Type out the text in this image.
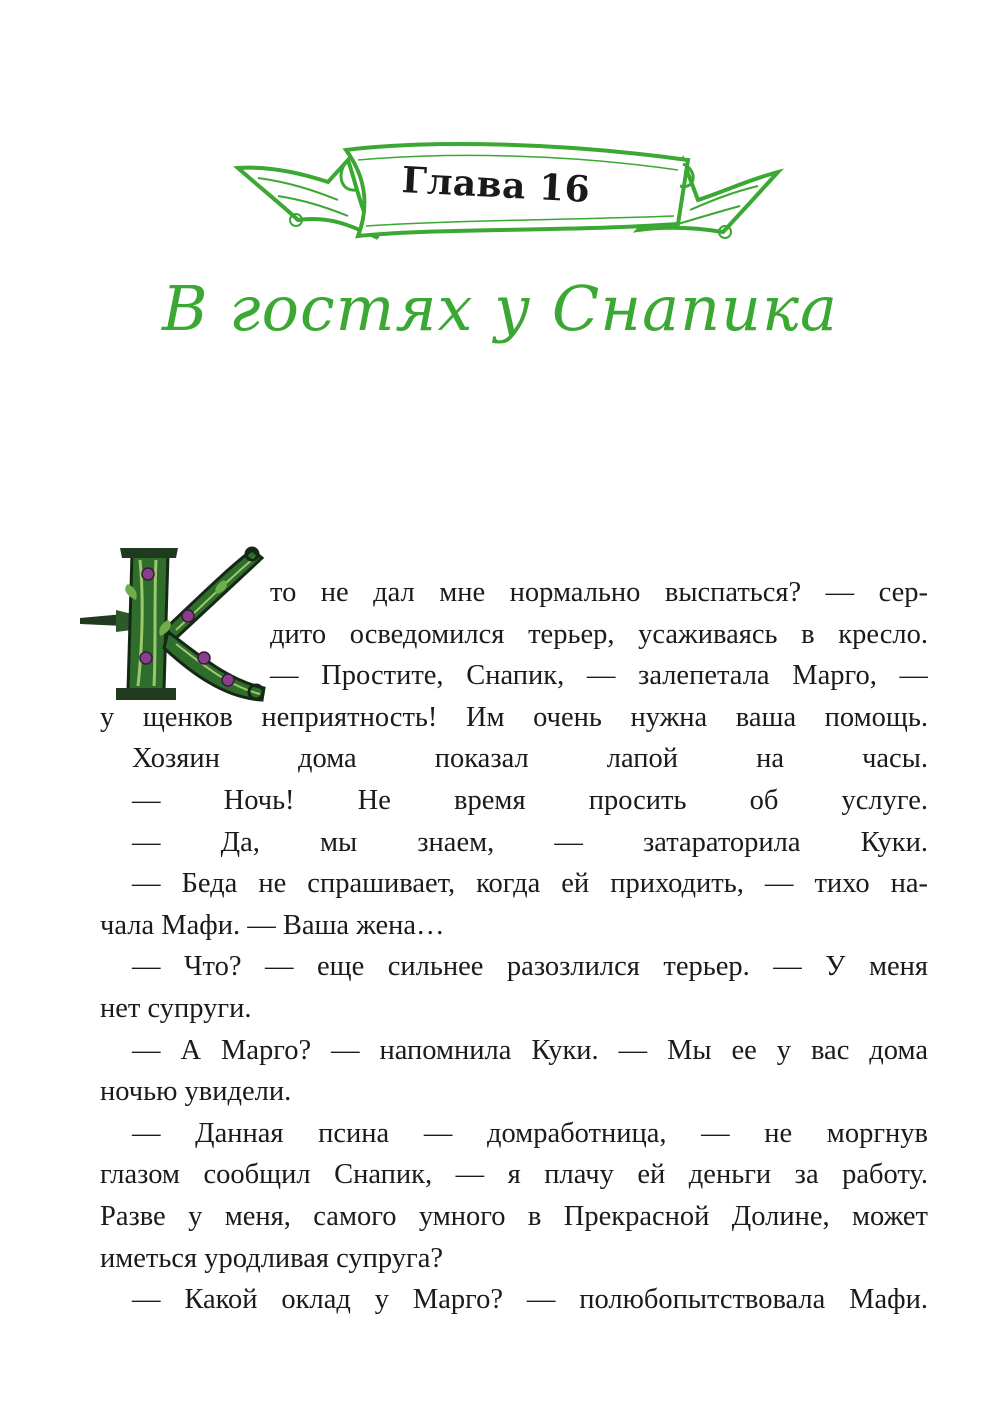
Глава 16
В гостях у Снапика
то не дал мне нормально выспаться? — сер-
дито осведомился терьер, усаживаясь в кресло.
— Простите, Снапик, — залепетала Марго, —
у щенков неприятность! Им очень нужна ваша помощь.
Хозяин дома показал лапой на часы.
— Ночь! Не время просить об услуге.
— Да, мы знаем, — затараторила Куки.
— Беда не спрашивает, когда ей приходить, — тихо на-
чала Мафи. — Ваша жена…
— Что? — еще сильнее разозлился терьер. — У меня
нет супруги.
— А Марго? — напомнила Куки. — Мы ее у вас дома
ночью увидели.
— Данная псина — домработница, — не моргнув
глазом сообщил Снапик, — я плачу ей деньги за работу.
Разве у меня, самого умного в Прекрасной Долине, может
иметься уродливая супруга?
— Какой оклад у Марго? — полюбопытствовала Мафи.
